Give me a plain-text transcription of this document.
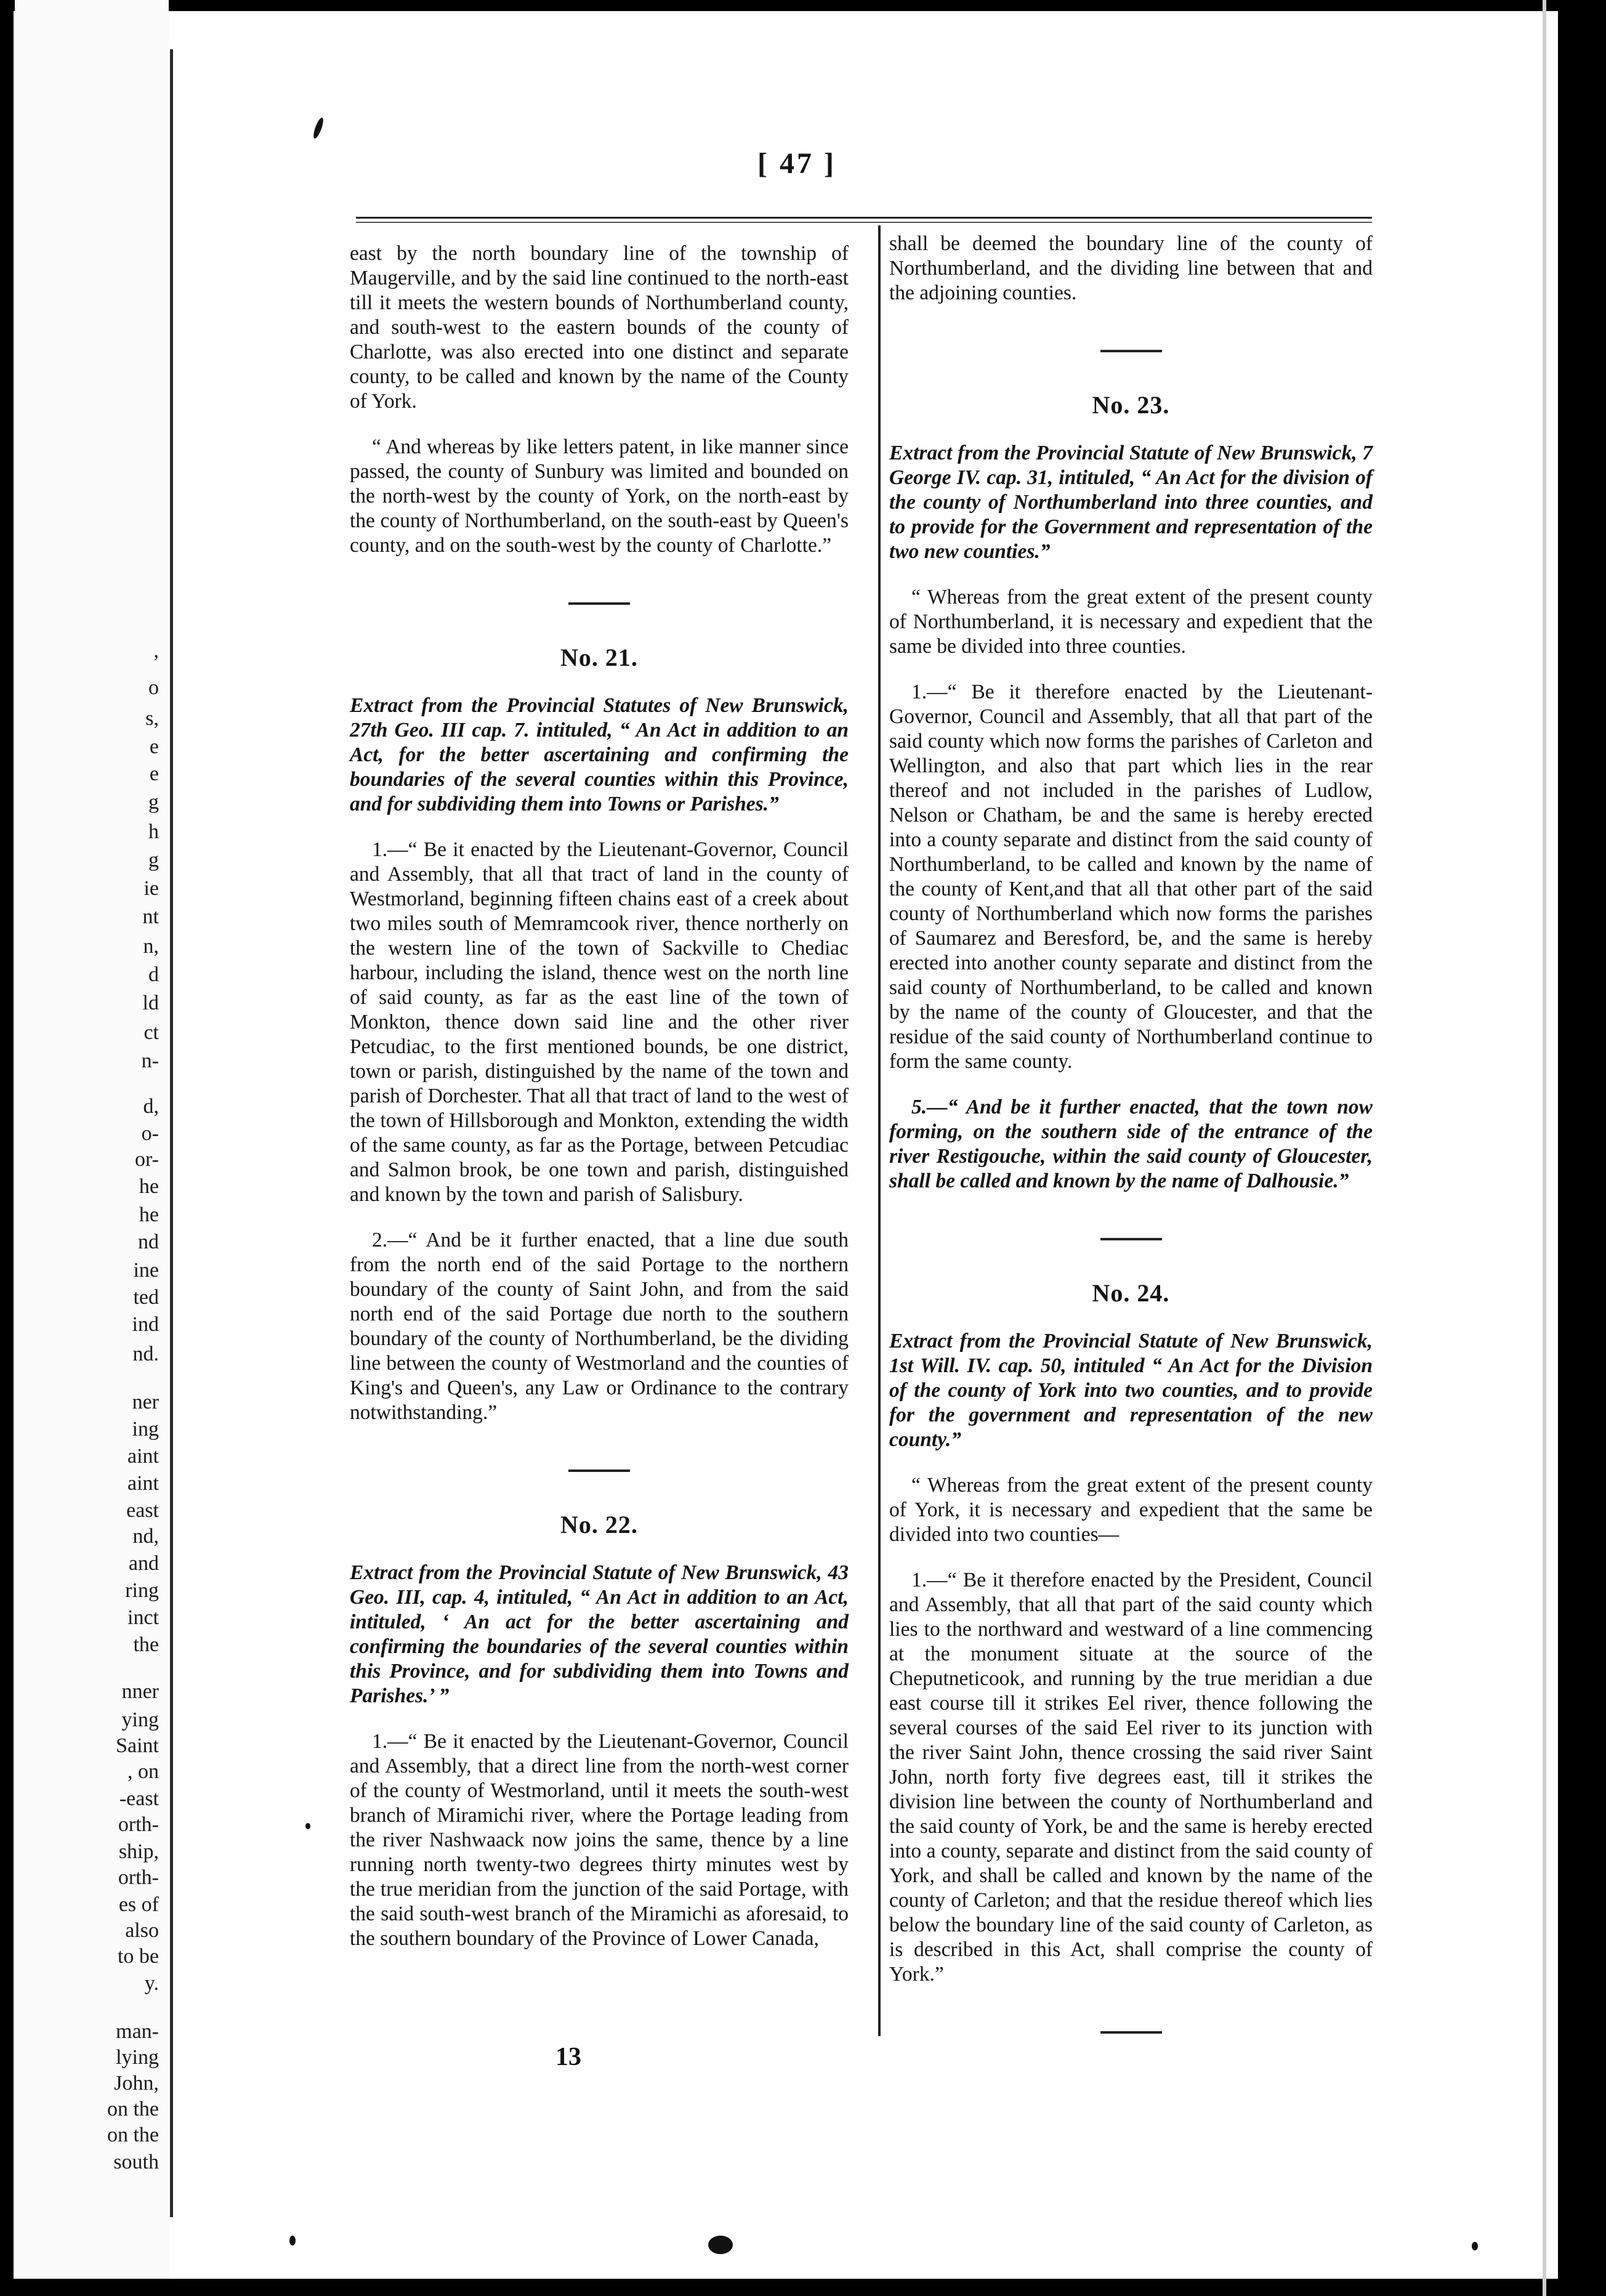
,
o
s,
e
e
g
h
g
ie
nt
n,
d
ld
ct
n-
d,
o-
or-
he
he
nd
ine
ted
ind
nd.
ner
ing
aint
aint
east
nd,
and
ring
inct
the
nner
ying
Saint
, on
-east
orth-
ship,
orth-
es of
also
to be
y.
man-
lying
John,
on the
on the
south
[ 47 ]

east by the north boundary line of the township of Maugerville, and by the said line continued to the north-east till it meets the western bounds of Northumberland county, and south-west to the eastern bounds of the county of Charlotte, was also erected into one distinct and separate county, to be called and known by the name of the County of York.

“ And whereas by like letters patent, in like manner since passed, the county of Sunbury was limited and bounded on the north-west by the county of York, on the north-east by the county of Northumberland, on the south-east by Queen's county, and on the south-west by the county of Charlotte.”

No. 21.

Extract from the Provincial Statutes of New Brunswick, 27th Geo. III cap. 7. intituled, “ An Act in addition to an Act, for the better ascertaining and confirming the boundaries of the several counties within this Province, and for subdividing them into Towns or Parishes.”

1.—“ Be it enacted by the Lieutenant-Governor, Council and Assembly, that all that tract of land in the county of Westmorland, beginning fifteen chains east of a creek about two miles south of Memramcook river, thence northerly on the western line of the town of Sackville to Chediac harbour, including the island, thence west on the north line of said county, as far as the east line of the town of Monkton, thence down said line and the other river Petcudiac, to the first mentioned bounds, be one district, town or parish, distinguished by the name of the town and parish of Dorchester. That all that tract of land to the west of the town of Hillsborough and Monkton, extending the width of the same county, as far as the Portage, between Petcudiac and Salmon brook, be one town and parish, distinguished and known by the town and parish of Salisbury.

2.—“ And be it further enacted, that a line due south from the north end of the said Portage to the northern boundary of the county of Saint John, and from the said north end of the said Portage due north to the southern boundary of the county of Northumberland, be the dividing line between the county of Westmorland and the counties of King's and Queen's, any Law or Ordinance to the contrary notwithstanding.”

No. 22.

Extract from the Provincial Statute of New Brunswick, 43 Geo. III, cap. 4, intituled, “ An Act in addition to an Act, intituled, ‘ An act for the better ascertaining and confirming the boundaries of the several counties within this Province, and for subdividing them into Towns and Parishes.’ ”

1.—“ Be it enacted by the Lieutenant-Governor, Council and Assembly, that a direct line from the north-west corner of the county of Westmorland, until it meets the south-west branch of Miramichi river, where the Portage leading from the river Nashwaack now joins the same, thence by a line running north twenty-two degrees thirty minutes west by the true meridian from the junction of the said Portage, with the said south-west branch of the Miramichi as aforesaid, to the southern boundary of the Province of Lower Canada,

shall be deemed the boundary line of the county of Northumberland, and the dividing line between that and the adjoining counties.

No. 23.

Extract from the Provincial Statute of New Brunswick, 7 George IV. cap. 31, intituled, “ An Act for the division of the county of Northumberland into three counties, and to provide for the Government and representation of the two new counties.”

“ Whereas from the great extent of the present county of Northumberland, it is necessary and expedient that the same be divided into three counties.

1.—“ Be it therefore enacted by the Lieutenant-Governor, Council and Assembly, that all that part of the said county which now forms the parishes of Carleton and Wellington, and also that part which lies in the rear thereof and not included in the parishes of Ludlow, Nelson or Chatham, be and the same is hereby erected into a county separate and distinct from the said county of Northumberland, to be called and known by the name of the county of Kent,and that all that other part of the said county of Northumberland which now forms the parishes of Saumarez and Beresford, be, and the same is hereby erected into another county separate and distinct from the said county of Northumberland, to be called and known by the name of the county of Gloucester, and that the residue of the said county of Northumberland continue to form the same county.

5.—“ And be it further enacted, that the town now forming, on the southern side of the entrance of the river Restigouche, within the said county of Gloucester, shall be called and known by the name of Dalhousie.”

No. 24.

Extract from the Provincial Statute of New Brunswick, 1st Will. IV. cap. 50, intituled “ An Act for the Division of the county of York into two counties, and to provide for the government and representation of the new county.”

“ Whereas from the great extent of the present county of York, it is necessary and expedient that the same be divided into two counties—

1.—“ Be it therefore enacted by the President, Council and Assembly, that all that part of the said county which lies to the northward and westward of a line commencing at the monument situate at the source of the Cheputneticook, and running by the true meridian a due east course till it strikes Eel river, thence following the several courses of the said Eel river to its junction with the river Saint John, thence crossing the said river Saint John, north forty five degrees east, till it strikes the division line between the county of Northumberland and the said county of York, be and the same is hereby erected into a county, separate and distinct from the said county of York, and shall be called and known by the name of the county of Carleton; and that the residue thereof which lies below the boundary line of the said county of Carleton, as is described in this Act, shall comprise the county of York.”

13
